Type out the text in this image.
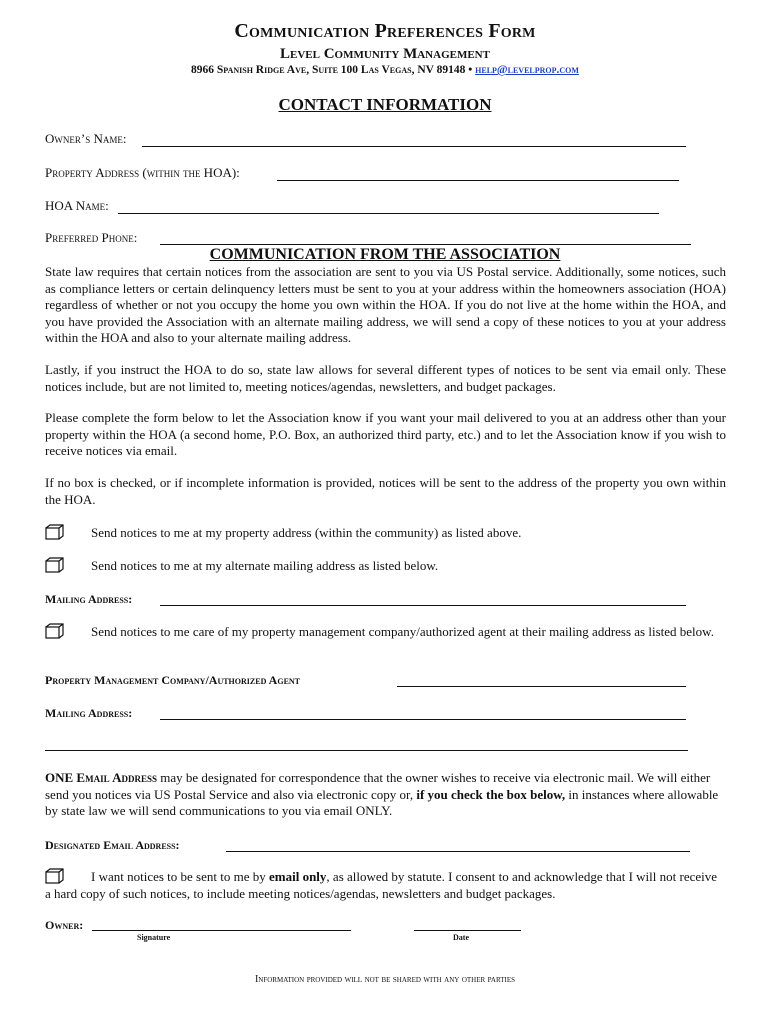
Communication Preferences Form
Level Community Management
8966 Spanish Ridge Ave, Suite 100 Las Vegas, NV 89148 • help@levelprop.com
CONTACT INFORMATION
Owner’s Name:
Property Address (within the HOA):
HOA Name:
Preferred Phone:
COMMUNICATION FROM THE ASSOCIATION

State law requires that certain notices from the association are sent to you via US Postal service. Additionally, some notices, such as compliance letters or certain delinquency letters must be sent to you at your address within the homeowners association (HOA) regardless of whether or not you occupy the home you own within the HOA. If you do not live at the home within the HOA, and you have provided the Association with an alternate mailing address, we will send a copy of these notices to you at your address within the HOA and also to your alternate mailing address.

Lastly, if you instruct the HOA to do so, state law allows for several different types of notices to be sent via email only. These notices include, but are not limited to, meeting notices/agendas, newsletters, and budget packages.

Please complete the form below to let the Association know if you want your mail delivered to you at an address other than your property within the HOA (a second home, P.O. Box, an authorized third party, etc.) and to let the Association know if you wish to receive notices via email.

If no box is checked, or if incomplete information is provided, notices will be sent to the address of the property you own within the HOA.

Send notices to me at my property address (within the community) as listed above.
Send notices to me at my alternate mailing address as listed below.
Mailing Address:
Send notices to me care of my property management company/authorized agent at their mailing address as listed below.
Property Management Company/Authorized Agent
Mailing Address:
ONE Email Address may be designated for correspondence that the owner wishes to receive via electronic mail. We will either send you notices via US Postal Service and also via electronic copy or, if you check the box below, in instances where allowable by state law we will send communications to you via email ONLY.
Designated Email Address:
I want notices to be sent to me by email only, as allowed by statute. I consent to and acknowledge that I will not receive a hard copy of such notices, to include meeting notices/agendas, newsletters and budget packages.
Owner:
Signature	Date
Information provided will not be shared with any other parties
